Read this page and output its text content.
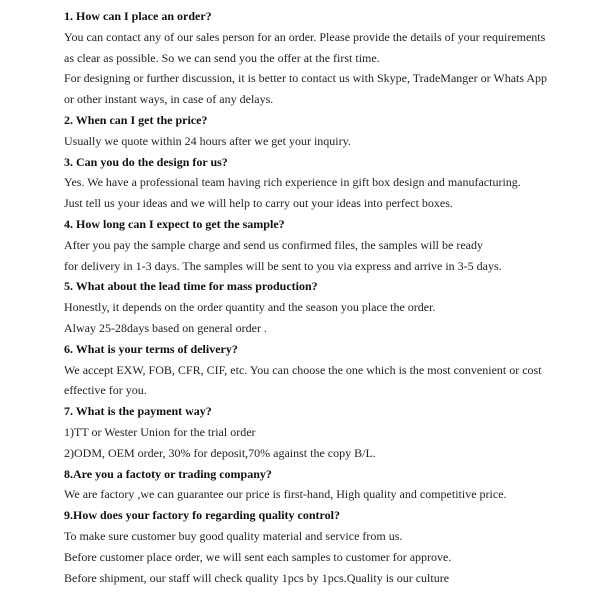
1. How can I place an order?
You can contact any of our sales person for an order. Please provide the details of your requirements
as clear as possible. So we can send you the offer at the first time.
For designing or further discussion, it is better to contact us with Skype, TradeManger or Whats App
or other instant ways, in case of any delays.
2. When can I get the price?
Usually we quote within 24 hours after we get your inquiry.
3. Can you do the design for us?
Yes. We have a professional team having rich experience in gift box design and manufacturing.
Just tell us your ideas and we will help to carry out your ideas into perfect boxes.
4. How long can I expect to get the sample?
After you pay the sample charge and send us confirmed files, the samples will be ready
for delivery in 1-3 days. The samples will be sent to you via express and arrive in 3-5 days.
5. What about the lead time for mass production?
Honestly, it depends on the order quantity and the season you place the order.
Alway 25-28days based on general order .
6. What is your terms of delivery?
We accept EXW, FOB, CFR, CIF, etc. You can choose the one which is the most convenient or cost
effective for you.
7. What is the payment way?
1)TT or Wester Union for the trial order
2)ODM, OEM order, 30% for deposit,70% against the copy B/L.
8.Are you a factoty or trading company?
We are factory ,we can guarantee our price is first-hand, High quality and competitive price.
9.How does your factory fo regarding quality control?
To make sure customer buy good quality material and service from us.
Before customer place order, we will sent each samples to customer for approve.
Before shipment, our staff will check quality 1pcs by 1pcs.Quality is our culture
